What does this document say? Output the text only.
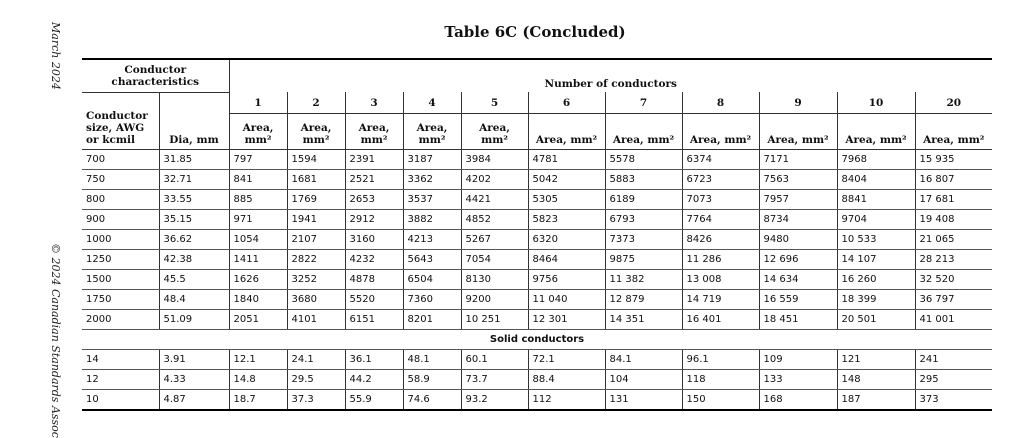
March 2024
© 2024 Canadian Standards Assoc
Table 6C (Concluded)
Conductor characteristics		Number of conductors										
Conductor size, AWG or kcmil	Dia, mm	1	2	3	4	5	6	7	8	9	10	20
		Area, mm²	Area, mm²	Area, mm²	Area, mm²	Area, mm²	Area, mm²	Area, mm²	Area, mm²	Area, mm²	Area, mm²	Area, mm²
700	31.85	797	1594	2391	3187	3984	4781	5578	6374	7171	7968	15 935
750	32.71	841	1681	2521	3362	4202	5042	5883	6723	7563	8404	16 807
800	33.55	885	1769	2653	3537	4421	5305	6189	7073	7957	8841	17 681
900	35.15	971	1941	2912	3882	4852	5823	6793	7764	8734	9704	19 408
1000	36.62	1054	2107	3160	4213	5267	6320	7373	8426	9480	10 533	21 065
1250	42.38	1411	2822	4232	5643	7054	8464	9875	11 286	12 696	14 107	28 213
1500	45.5	1626	3252	4878	6504	8130	9756	11 382	13 008	14 634	16 260	32 520
1750	48.4	1840	3680	5520	7360	9200	11 040	12 879	14 719	16 559	18 399	36 797
2000	51.09	2051	4101	6151	8201	10 251	12 301	14 351	16 401	18 451	20 501	41 001
Solid conductors												
14	3.91	12.1	24.1	36.1	48.1	60.1	72.1	84.1	96.1	109	121	241
12	4.33	14.8	29.5	44.2	58.9	73.7	88.4	104	118	133	148	295
10	4.87	18.7	37.3	55.9	74.6	93.2	112	131	150	168	187	373
